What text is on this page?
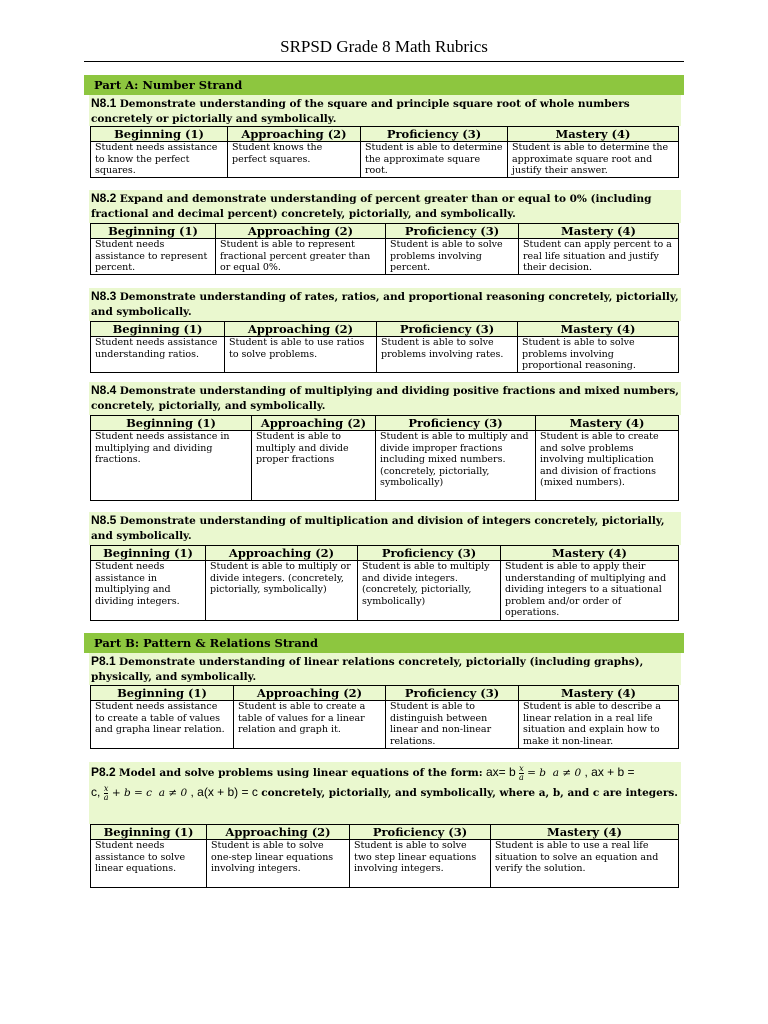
SRPSD Grade 8 Math Rubrics
Part A: Number Strand
N8.1 Demonstrate understanding of the square and principle square root of whole numbers concretely or pictorially and symbolically.
Beginning (1)	Approaching (2)	Proficiency (3)	Mastery (4)
Student needs assistance to know the perfect squares.	Student knows the perfect squares.	Student is able to determine the approximate square root.	Student is able to determine the approximate square root and justify their answer.
N8.2 Expand and demonstrate understanding of percent greater than or equal to 0% (including fractional and decimal percent) concretely, pictorially, and symbolically.
Beginning (1)	Approaching (2)	Proficiency (3)	Mastery (4)
Student needs assistance to represent percent.	Student is able to represent fractional percent greater than or equal 0%.	Student is able to solve problems involving percent.	Student can apply percent to a real life situation and justify their decision.
N8.3 Demonstrate understanding of rates, ratios, and proportional reasoning concretely, pictorially, and symbolically.
Beginning (1)	Approaching (2)	Proficiency (3)	Mastery (4)
Student needs assistance understanding ratios.	Student is able to use ratios to solve problems.	Student is able to solve problems involving rates.	Student is able to solve problems involving proportional reasoning.
N8.4 Demonstrate understanding of multiplying and dividing positive fractions and mixed numbers, concretely, pictorially, and symbolically.
Beginning (1)	Approaching (2)	Proficiency (3)	Mastery (4)
Student needs assistance in multiplying and dividing fractions.	Student is able to multiply and divide proper fractions	Student is able to multiply and divide improper fractions including mixed numbers. (concretely, pictorially, symbolically)	Student is able to create and solve problems involving multiplication and division of fractions (mixed numbers).
N8.5 Demonstrate understanding of multiplication and division of integers concretely, pictorially, and symbolically.
Beginning (1)	Approaching (2)	Proficiency (3)	Mastery (4)
Student needs assistance in multiplying and dividing integers.	Student is able to multiply or divide integers. (concretely, pictorially, symbolically)	Student is able to multiply and divide integers. (concretely, pictorially, symbolically)	Student is able to apply their understanding of multiplying and dividing integers to a situational problem and/or order of operations.
Part B: Pattern & Relations Strand
P8.1 Demonstrate understanding of linear relations concretely, pictorially (including graphs), physically, and symbolically.
Beginning (1)	Approaching (2)	Proficiency (3)	Mastery (4)
Student needs assistance to create a table of values and grapha linear relation.	Student is able to create a table of values for a linear relation and graph it.	Student is able to distinguish between linear and non-linear relations.	Student is able to describe a linear relation in a real life situation and explain how to make it non-linear.
P8.2 Model and solve problems using linear equations of the form: ax= b $\frac{x}{a} = b$ a ≠ 0 , ax + b =
c, $\frac{x}{a} + b = c$ a ≠ 0 , a(x + b) = c concretely, pictorially, and symbolically, where a, b, and c are integers.
Beginning (1)	Approaching (2)	Proficiency (3)	Mastery (4)
Student needs assistance to solve linear equations.	Student is able to solve one-step linear equations involving integers.	Student is able to solve two step linear equations involving integers.	Student is able to use a real life situation to solve an equation and verify the solution.
